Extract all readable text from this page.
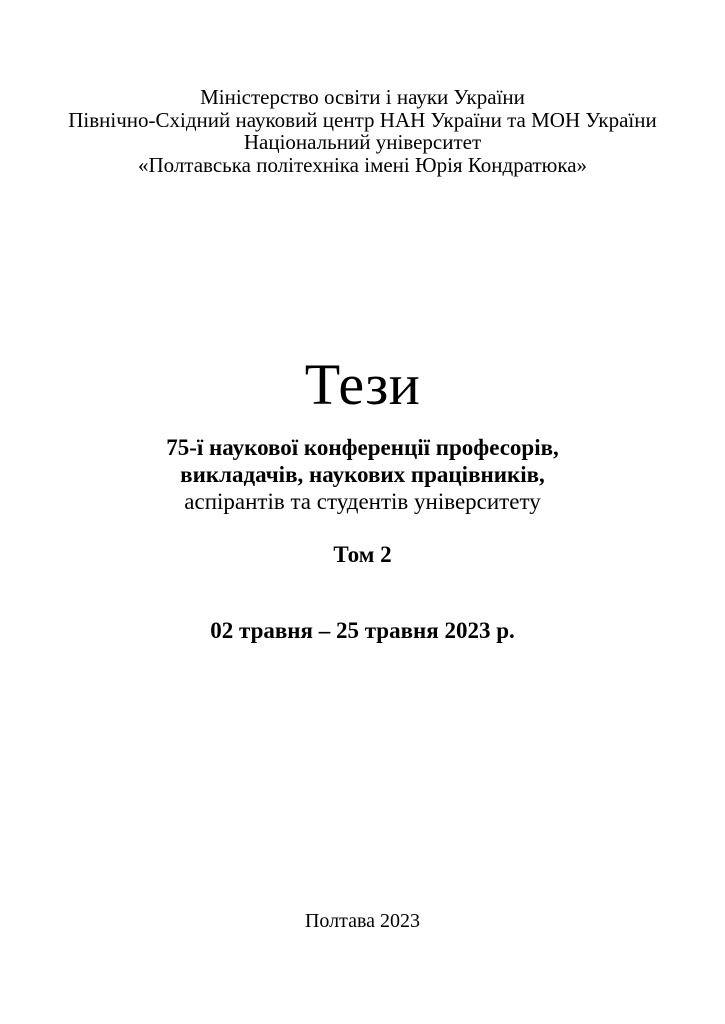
Міністерство освіти і науки України
Північно-Східний науковий центр НАН України та МОН України
Національний університет
«Полтавська політехніка імені Юрія Кондратюка»
Тези
75-ї наукової конференції професорів,
викладачів, наукових працівників,
аспірантів та студентів університету
Том 2
02 травня – 25 травня 2023 р.
Полтава 2023
